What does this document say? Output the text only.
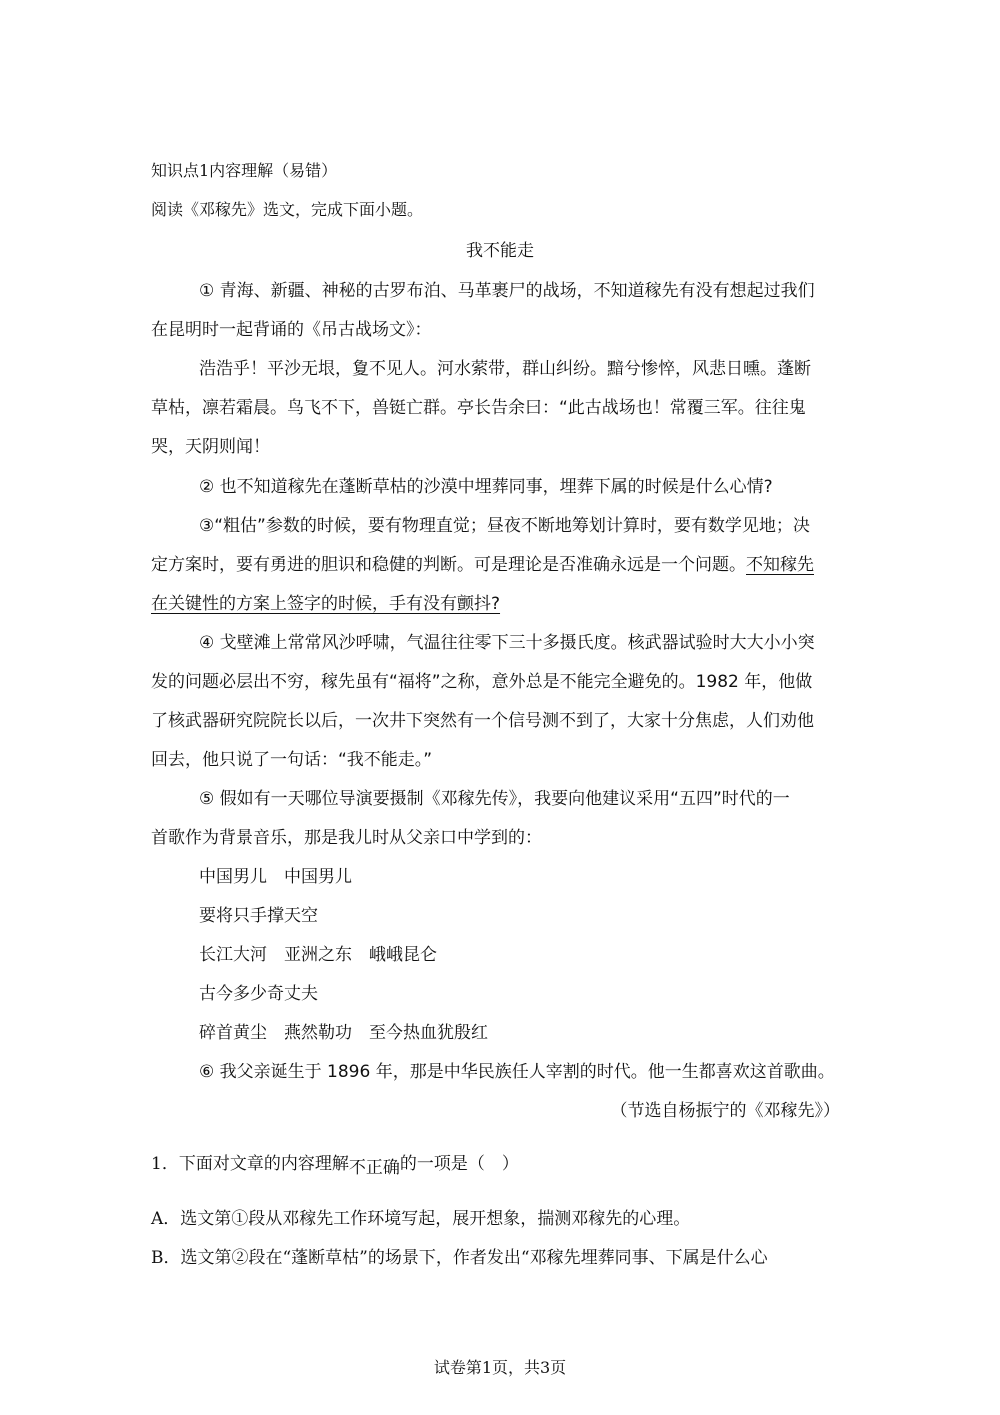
知识点1内容理解（易错）
阅读《邓稼先》选文，完成下面小题。
我不能走
① 青海、新疆、神秘的古罗布泊、马革裹尸的战场，不知道稼先有没有想起过我们
在昆明时一起背诵的《吊古战场文》：
浩浩乎！平沙无垠，夐不见人。河水萦带，群山纠纷。黯兮惨悴，风悲日曛。蓬断
草枯，凛若霜晨。鸟飞不下，兽铤亡群。亭长告余曰：“此古战场也！常覆三军。往往鬼
哭，天阴则闻！
② 也不知道稼先在蓬断草枯的沙漠中埋葬同事，埋葬下属的时候是什么心情?
③“粗估”参数的时候，要有物理直觉；昼夜不断地筹划计算时，要有数学见地；决
定方案时，要有勇进的胆识和稳健的判断。可是理论是否准确永远是一个问题。不知稼先
在关键性的方案上签字的时候，手有没有颤抖?
④ 戈壁滩上常常风沙呼啸，气温往往零下三十多摄氏度。核武器试验时大大小小突
发的问题必层出不穷，稼先虽有“福将”之称，意外总是不能完全避免的。1982 年，他做
了核武器研究院院长以后，一次井下突然有一个信号测不到了，大家十分焦虑，人们劝他
回去，他只说了一句话：“我不能走。”
⑤ 假如有一天哪位导演要摄制《邓稼先传》，我要向他建议采用“五四”时代的一
首歌作为背景音乐，那是我儿时从父亲口中学到的：
中国男儿　中国男儿
要将只手撑天空
长江大河　亚洲之东　峨峨昆仑
古今多少奇丈夫
碎首黄尘　燕然勒功　至今热血犹殷红
⑥ 我父亲诞生于 1896 年，那是中华民族任人宰割的时代。他一生都喜欢这首歌曲。
（节选自杨振宁的《邓稼先》）
1．下面对文章的内容理解不正确的一项是（　）
A．选文第①段从邓稼先工作环境写起，展开想象，揣测邓稼先的心理。
B．选文第②段在“蓬断草枯”的场景下，作者发出“邓稼先埋葬同事、下属是什么心
试卷第1页，共3页
